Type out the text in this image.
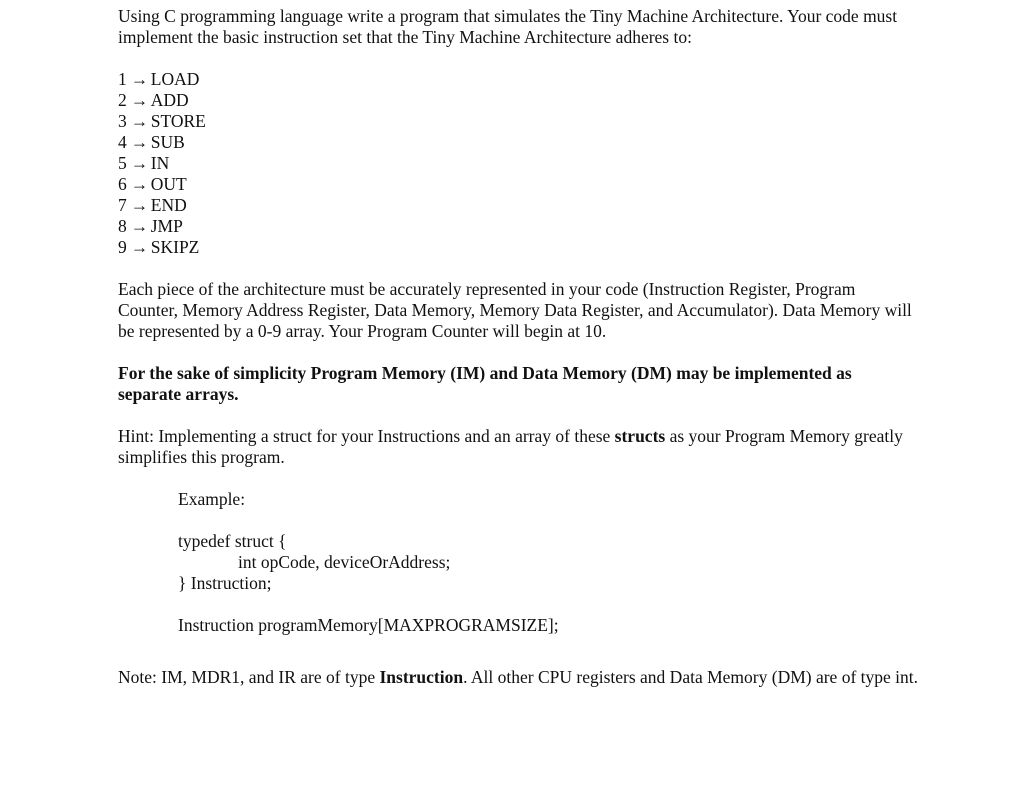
Using C programming language write a program that simulates the Tiny Machine Architecture. Your code must implement the basic instruction set that the Tiny Machine Architecture adheres to:

1 → LOAD
2 → ADD
3 → STORE
4 → SUB
5 → IN
6 → OUT
7 → END
8 → JMP
9 → SKIPZ

Each piece of the architecture must be accurately represented in your code (Instruction Register, Program Counter, Memory Address Register, Data Memory, Memory Data Register, and Accumulator). Data Memory will be represented by a 0-9 array. Your Program Counter will begin at 10.

For the sake of simplicity Program Memory (IM) and Data Memory (DM) may be implemented as separate arrays.

Hint: Implementing a struct for your Instructions and an array of these structs as your Program Memory greatly simplifies this program.

Example:

typedef struct {

int opCode, deviceOrAddress;

} Instruction;

Instruction programMemory[MAXPROGRAMSIZE];

Note: IM, MDR1, and IR are of type Instruction. All other CPU registers and Data Memory (DM) are of type int.
